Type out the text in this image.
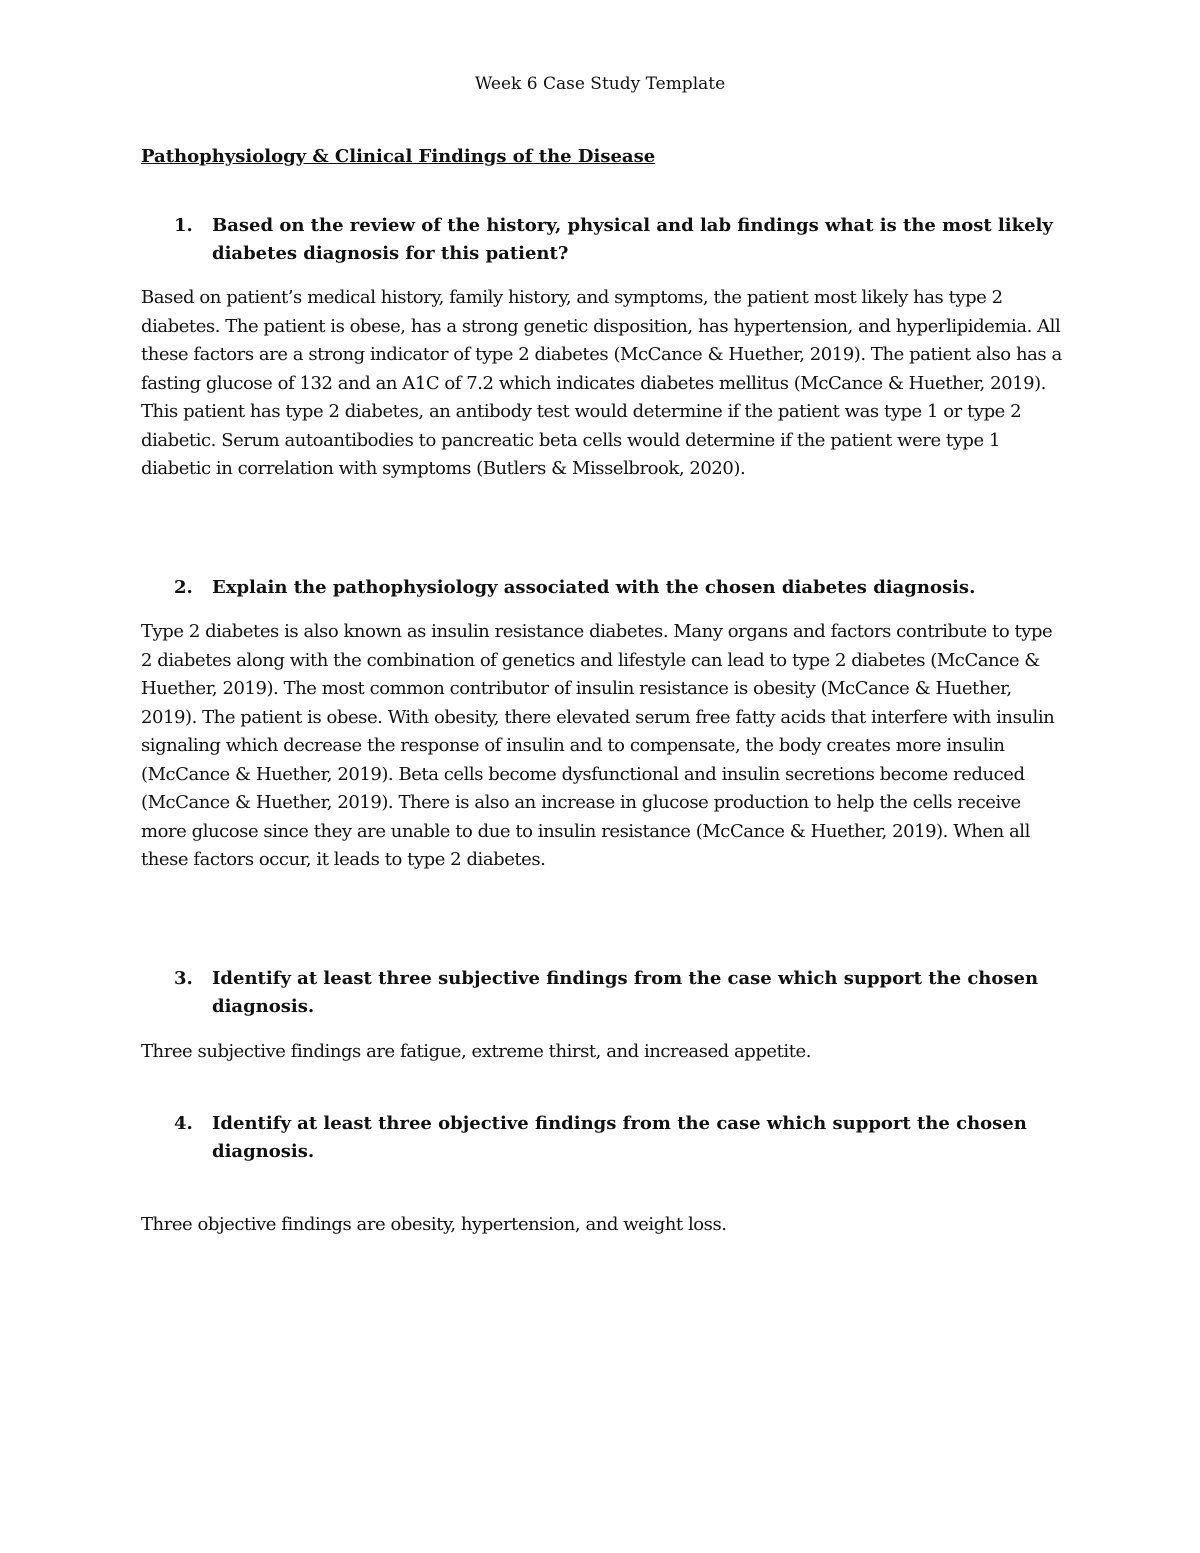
Week 6 Case Study Template
Pathophysiology & Clinical Findings of the Disease
1. Based on the review of the history, physical and lab findings what is the most likely diabetes diagnosis for this patient?
Based on patient’s medical history, family history, and symptoms, the patient most likely has type 2 diabetes. The patient is obese, has a strong genetic disposition, has hypertension, and hyperlipidemia. All these factors are a strong indicator of type 2 diabetes (McCance & Huether, 2019). The patient also has a fasting glucose of 132 and an A1C of 7.2 which indicates diabetes mellitus (McCance & Huether, 2019). This patient has type 2 diabetes, an antibody test would determine if the patient was type 1 or type 2 diabetic. Serum autoantibodies to pancreatic beta cells would determine if the patient were type 1 diabetic in correlation with symptoms (Butlers & Misselbrook, 2020).
2. Explain the pathophysiology associated with the chosen diabetes diagnosis.
Type 2 diabetes is also known as insulin resistance diabetes. Many organs and factors contribute to type 2 diabetes along with the combination of genetics and lifestyle can lead to type 2 diabetes (McCance & Huether, 2019). The most common contributor of insulin resistance is obesity (McCance & Huether, 2019). The patient is obese. With obesity, there elevated serum free fatty acids that interfere with insulin signaling which decrease the response of insulin and to compensate, the body creates more insulin (McCance & Huether, 2019). Beta cells become dysfunctional and insulin secretions become reduced (McCance & Huether, 2019). There is also an increase in glucose production to help the cells receive more glucose since they are unable to due to insulin resistance (McCance & Huether, 2019). When all these factors occur, it leads to type 2 diabetes.
3. Identify at least three subjective findings from the case which support the chosen diagnosis.
Three subjective findings are fatigue, extreme thirst, and increased appetite.
4. Identify at least three objective findings from the case which support the chosen diagnosis.
Three objective findings are obesity, hypertension, and weight loss.
